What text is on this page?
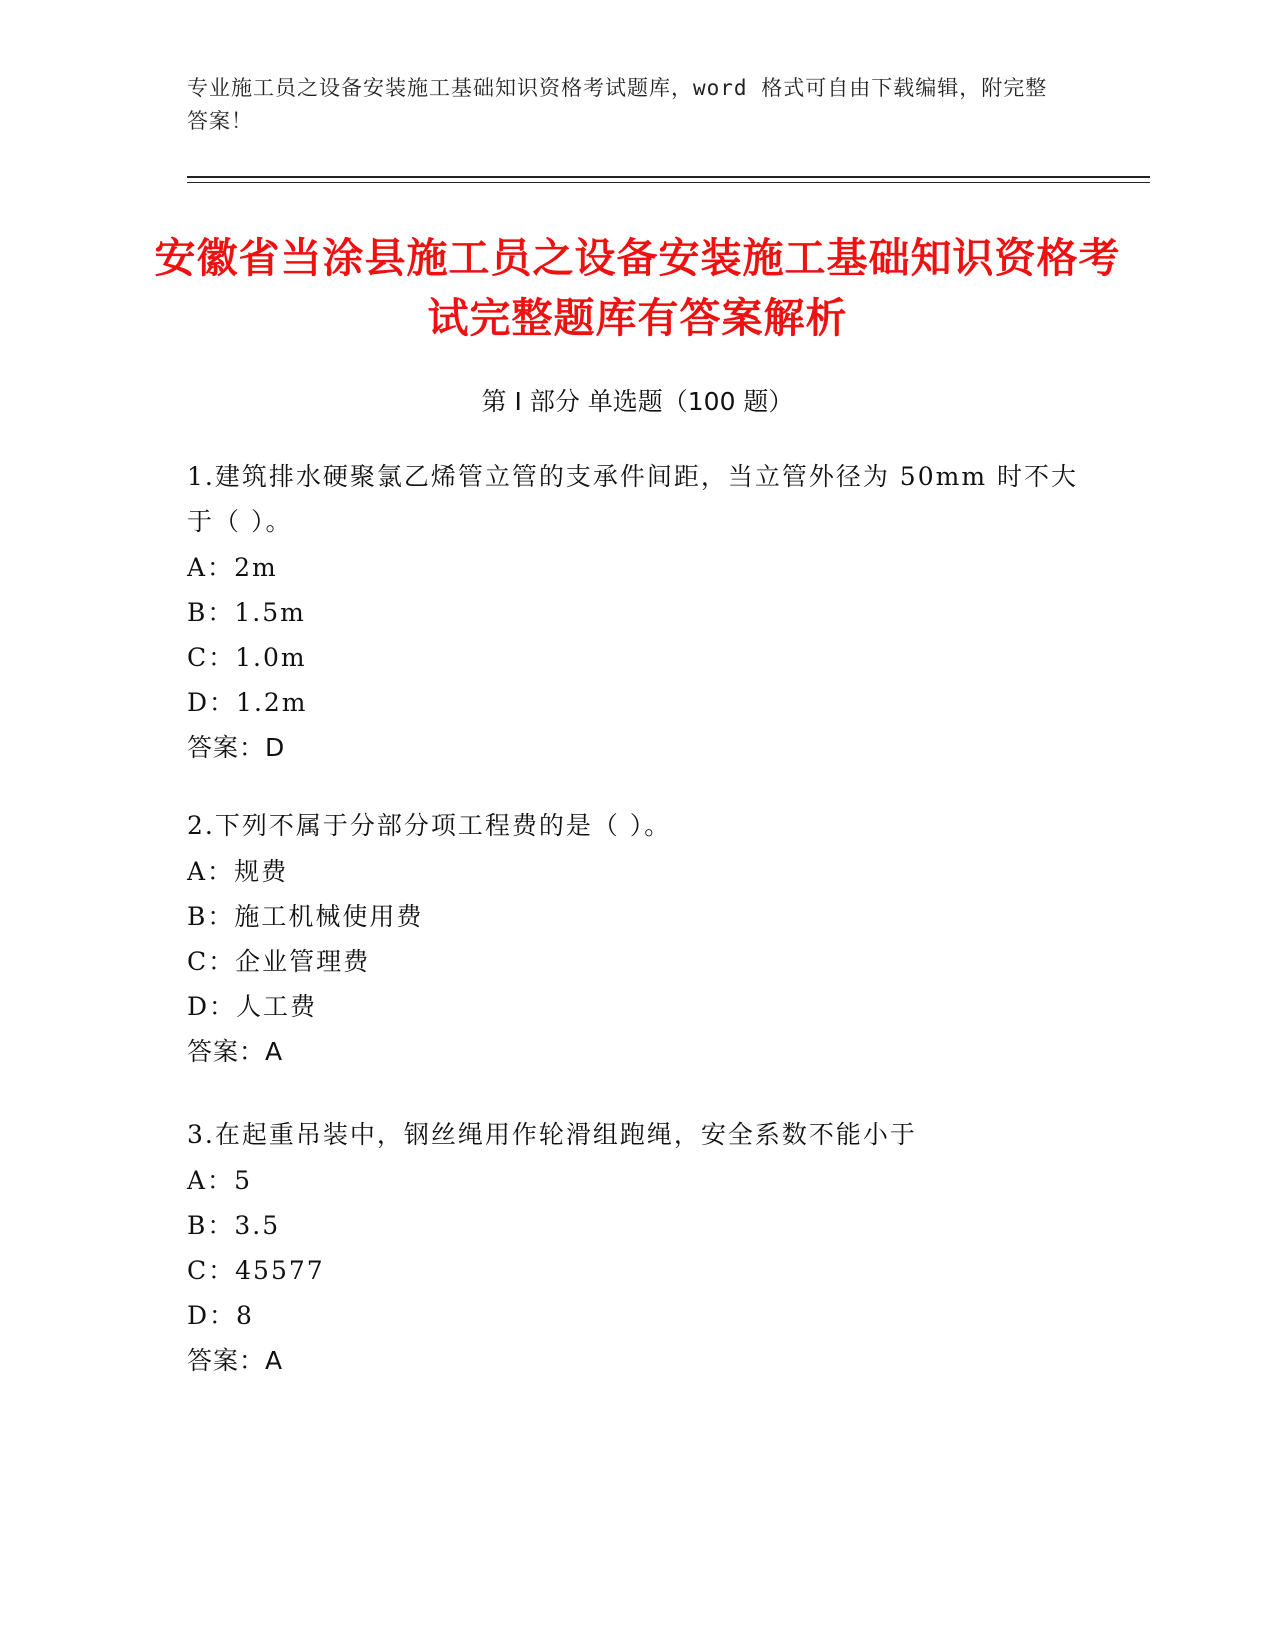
专业施工员之设备安装施工基础知识资格考试题库，word 格式可自由下载编辑，附完整答案！
安徽省当涂县施工员之设备安装施工基础知识资格考试完整题库有答案解析
第 I 部分 单选题（100 题）
1.建筑排水硬聚氯乙烯管立管的支承件间距，当立管外径为 50mm 时不大于（ ）。
A：2m
B：1.5m
C：1.0m
D：1.2m
答案：D
2.下列不属于分部分项工程费的是（ ）。
A：规费
B：施工机械使用费
C：企业管理费
D：人工费
答案：A
3.在起重吊装中，钢丝绳用作轮滑组跑绳，安全系数不能小于
A：5
B：3.5
C：45577
D：8
答案：A
